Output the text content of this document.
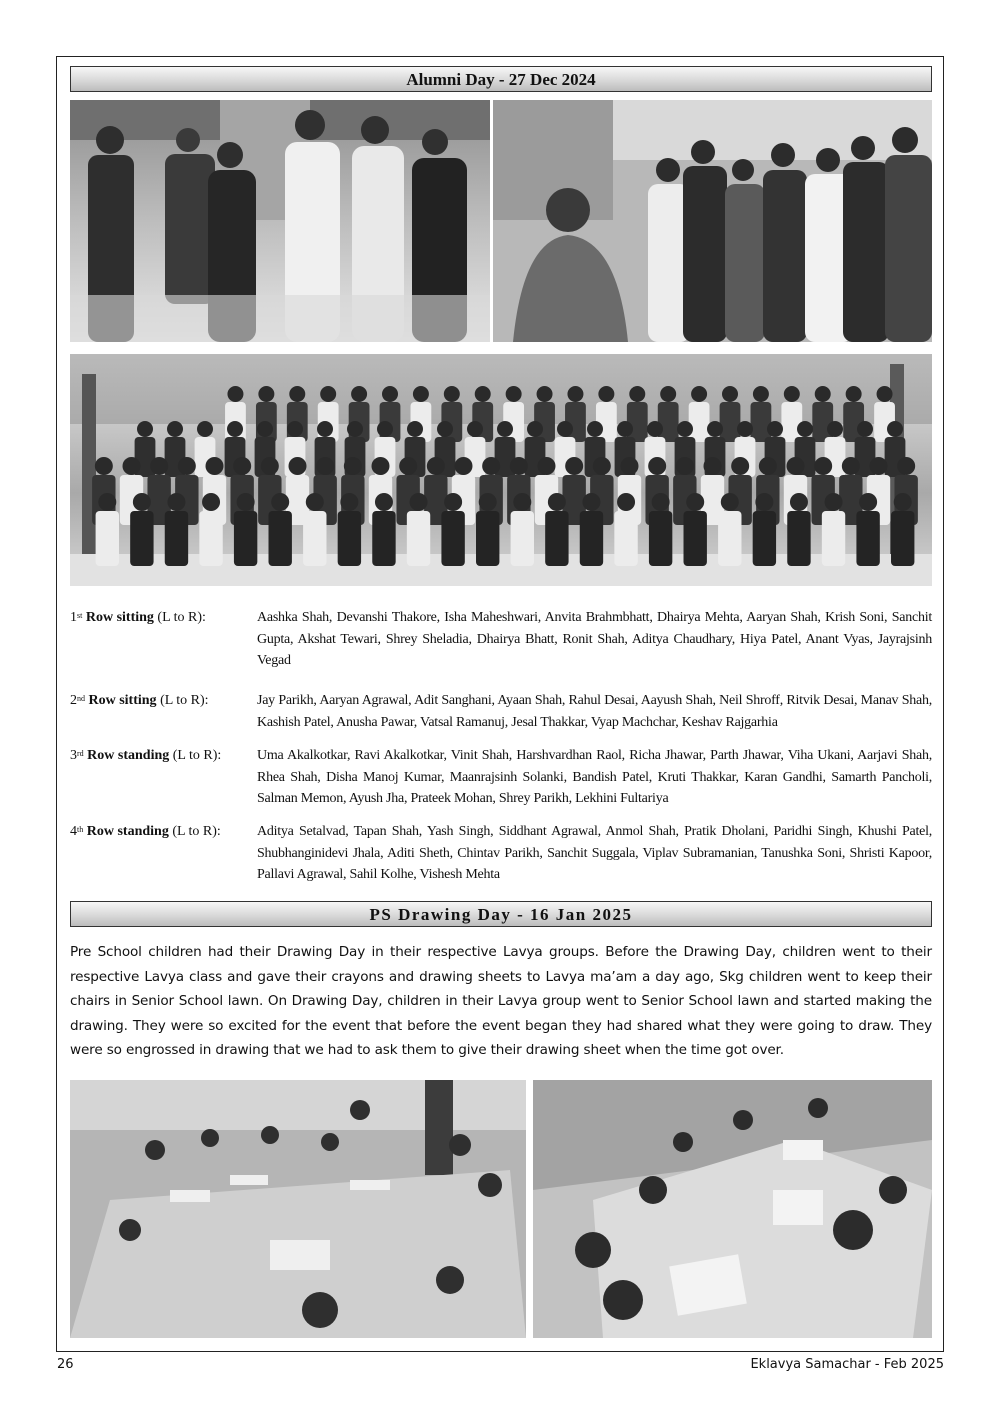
Alumni Day - 27 Dec 2024
1st Row sitting (L to R):	Aashka Shah, Devanshi Thakore, Isha Maheshwari, Anvita Brahmbhatt, Dhairya Mehta, Aaryan Shah, Krish Soni, Sanchit Gupta, Akshat Tewari, Shrey Sheladia, Dhairya Bhatt, Ronit Shah, Aditya Chaudhary, Hiya Patel, Anant Vyas, Jayrajsinh Vegad
2nd Row sitting (L to R):	Jay Parikh, Aaryan Agrawal, Adit Sanghani, Ayaan Shah, Rahul Desai, Aayush Shah, Neil Shroff, Ritvik Desai, Manav Shah, Kashish Patel, Anusha Pawar, Vatsal Ramanuj, Jesal Thakkar, Vyap Machchar, Keshav Rajgarhia
3rd Row standing (L to R):	Uma Akalkotkar, Ravi Akalkotkar, Vinit Shah, Harshvardhan Raol, Richa Jhawar, Parth Jhawar, Viha Ukani, Aarjavi Shah, Rhea Shah, Disha Manoj Kumar, Maanrajsinh Solanki, Bandish Patel, Kruti Thakkar, Karan Gandhi, Samarth Pancholi, Salman Memon, Ayush Jha, Prateek Mohan, Shrey Parikh, Lekhini Fultariya
4th Row standing (L to R):	Aditya Setalvad, Tapan Shah, Yash Singh, Siddhant Agrawal, Anmol Shah, Pratik Dholani, Paridhi Singh, Khushi Patel, Shubhanginidevi Jhala, Aditi Sheth, Chintav Parikh, Sanchit Suggala, Viplav Subramanian, Tanushka Soni, Shristi Kapoor, Pallavi Agrawal, Sahil Kolhe, Vishesh Mehta
PS Drawing Day - 16 Jan 2025
Pre School children had their Drawing Day in their respective Lavya groups. Before the Drawing Day, children went to their respective Lavya class and gave their crayons and drawing sheets to Lavya ma’am a day ago, Skg children went to keep their chairs in Senior School lawn. On Drawing Day, children in their Lavya group went to Senior School lawn and started making the drawing. They were so excited for the event that before the event began they had shared what they were going to draw. They were so engrossed in drawing that we had to ask them to give their drawing sheet when the time got over.
26	Eklavya Samachar - Feb 2025
